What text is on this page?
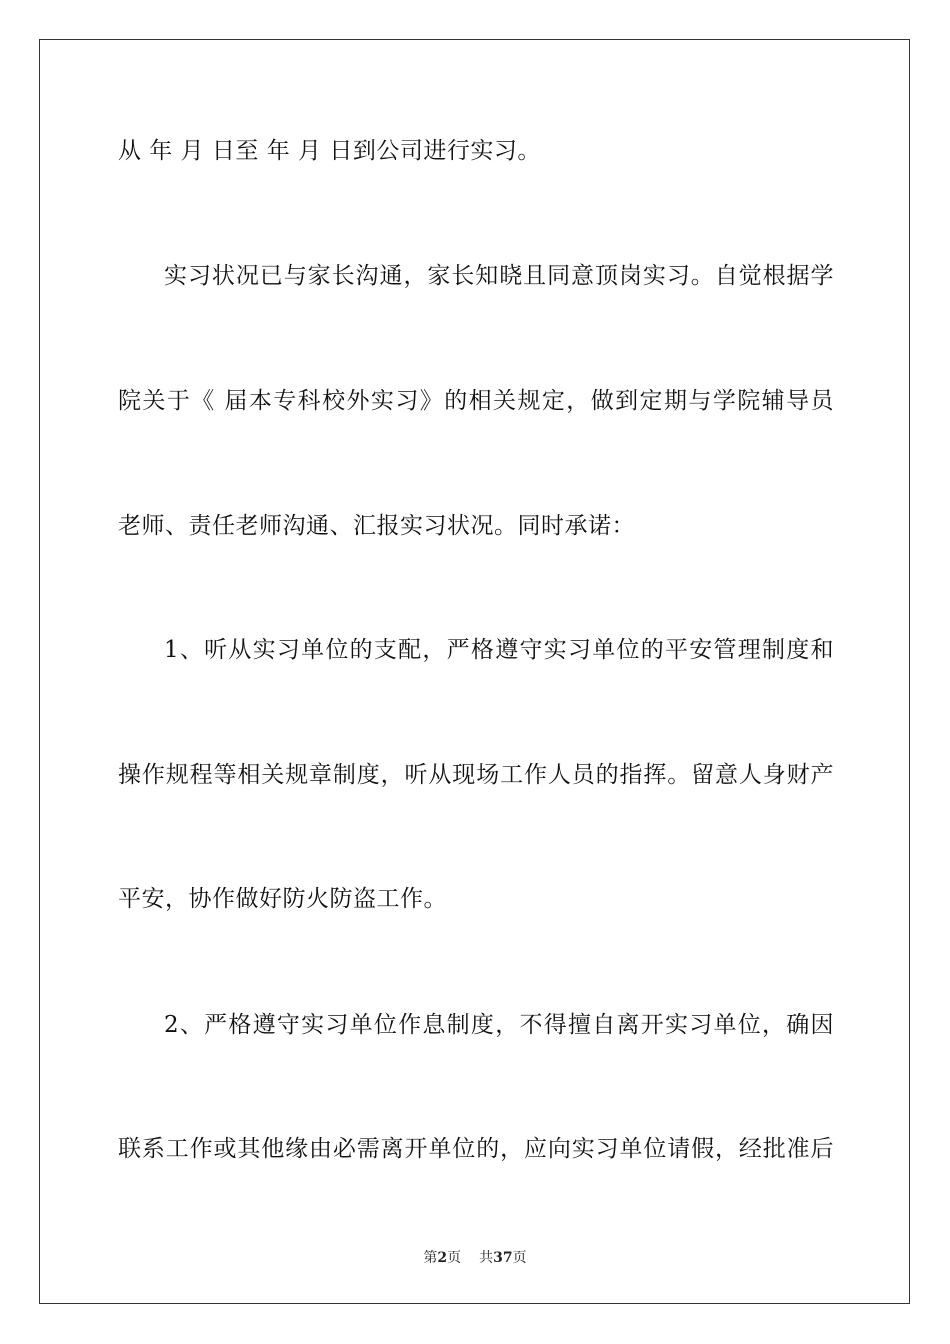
从 年 月 日至 年 月 日到公司进行实习。
实习状况已与家长沟通，家长知晓且同意顶岗实习。自觉根据学
院关于《 届本专科校外实习》的相关规定，做到定期与学院辅导员
老师、责任老师沟通、汇报实习状况。同时承诺：
1、听从实习单位的支配，严格遵守实习单位的平安管理制度和
操作规程等相关规章制度，听从现场工作人员的指挥。留意人身财产
平安，协作做好防火防盗工作。
2、严格遵守实习单位作息制度，不得擅自离开实习单位，确因
联系工作或其他缘由必需离开单位的，应向实习单位请假，经批准后
第2页 共37页
